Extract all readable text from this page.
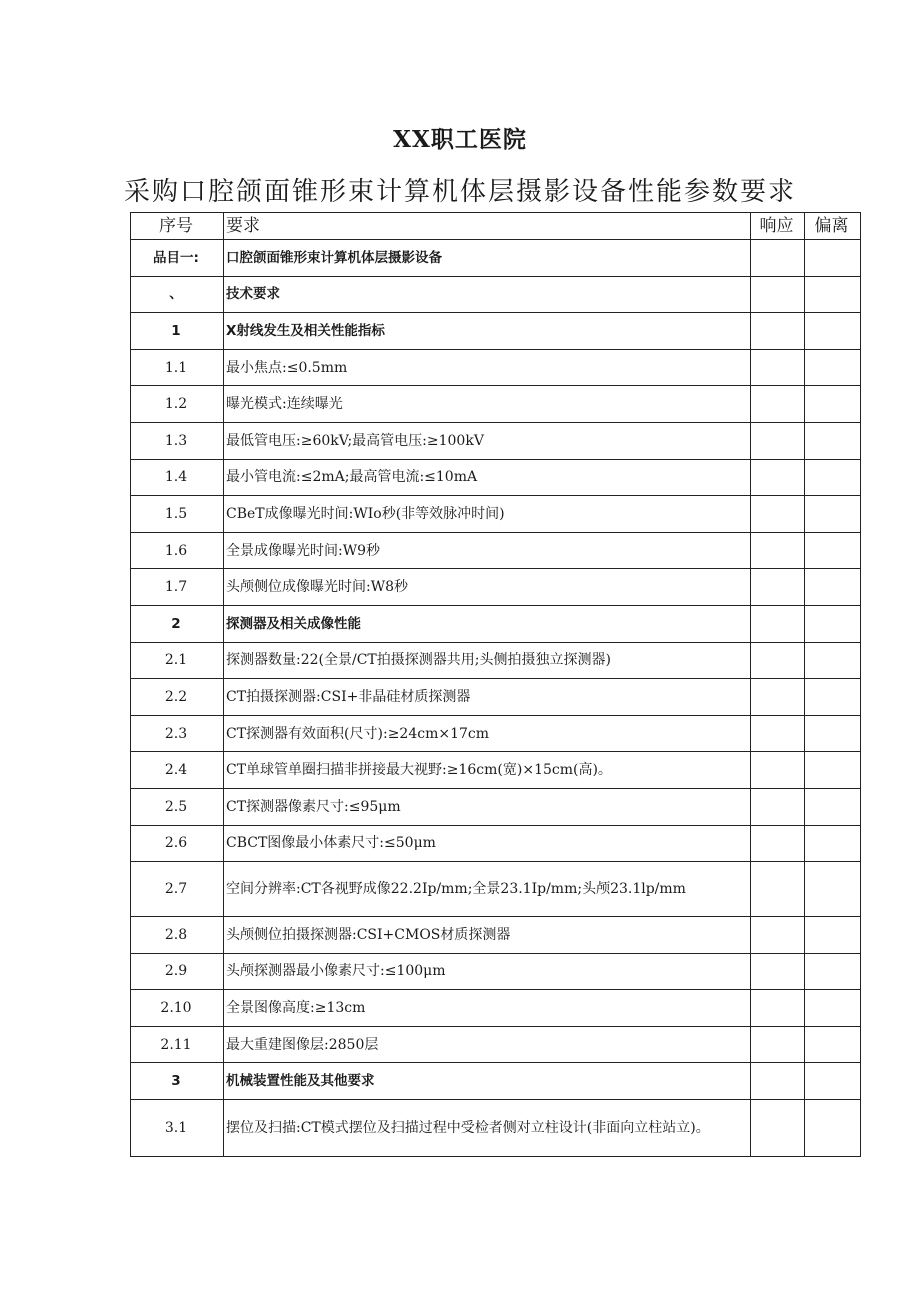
XX职工医院
采购口腔颌面锥形束计算机体层摄影设备性能参数要求
序号	要求	响应	偏离
品目一:	口腔颌面锥形束计算机体层摄影设备		
、	技术要求		
1	X射线发生及相关性能指标		
1.1	最小焦点:≤0.5mm		
1.2	曝光模式:连续曝光		
1.3	最低管电压:≥60kV;最高管电压:≥100kV		
1.4	最小管电流:≤2mA;最高管电流:≤10mA		
1.5	CBeT成像曝光时间:WIo秒(非等效脉冲时间)		
1.6	全景成像曝光时间:W9秒		
1.7	头颅侧位成像曝光时间:W8秒		
2	探测器及相关成像性能		
2.1	探测器数量:22(全景/CT拍摄探测器共用;头侧拍摄独立探测器)		
2.2	CT拍摄探测器:CSI+非晶硅材质探测器		
2.3	CT探测器有效面积(尺寸):≥24cm×17cm		
2.4	CT单球管单圈扫描非拼接最大视野:≥16cm(宽)×15cm(高)。		
2.5	CT探测器像素尺寸:≤95μm		
2.6	CBCT图像最小体素尺寸:≤50μm		
2.7	空间分辨率:CT各视野成像22.2Ip/mm;全景23.1Ip/mm;头颅23.1lp/mm		
2.8	头颅侧位拍摄探测器:CSI+CMOS材质探测器		
2.9	头颅探测器最小像素尺寸:≤100μm		
2.10	全景图像高度:≥13cm		
2.11	最大重建图像层:2850层		
3	机械装置性能及其他要求		
3.1	摆位及扫描:CT模式摆位及扫描过程中受检者侧对立柱设计(非面向立柱站立)。		
